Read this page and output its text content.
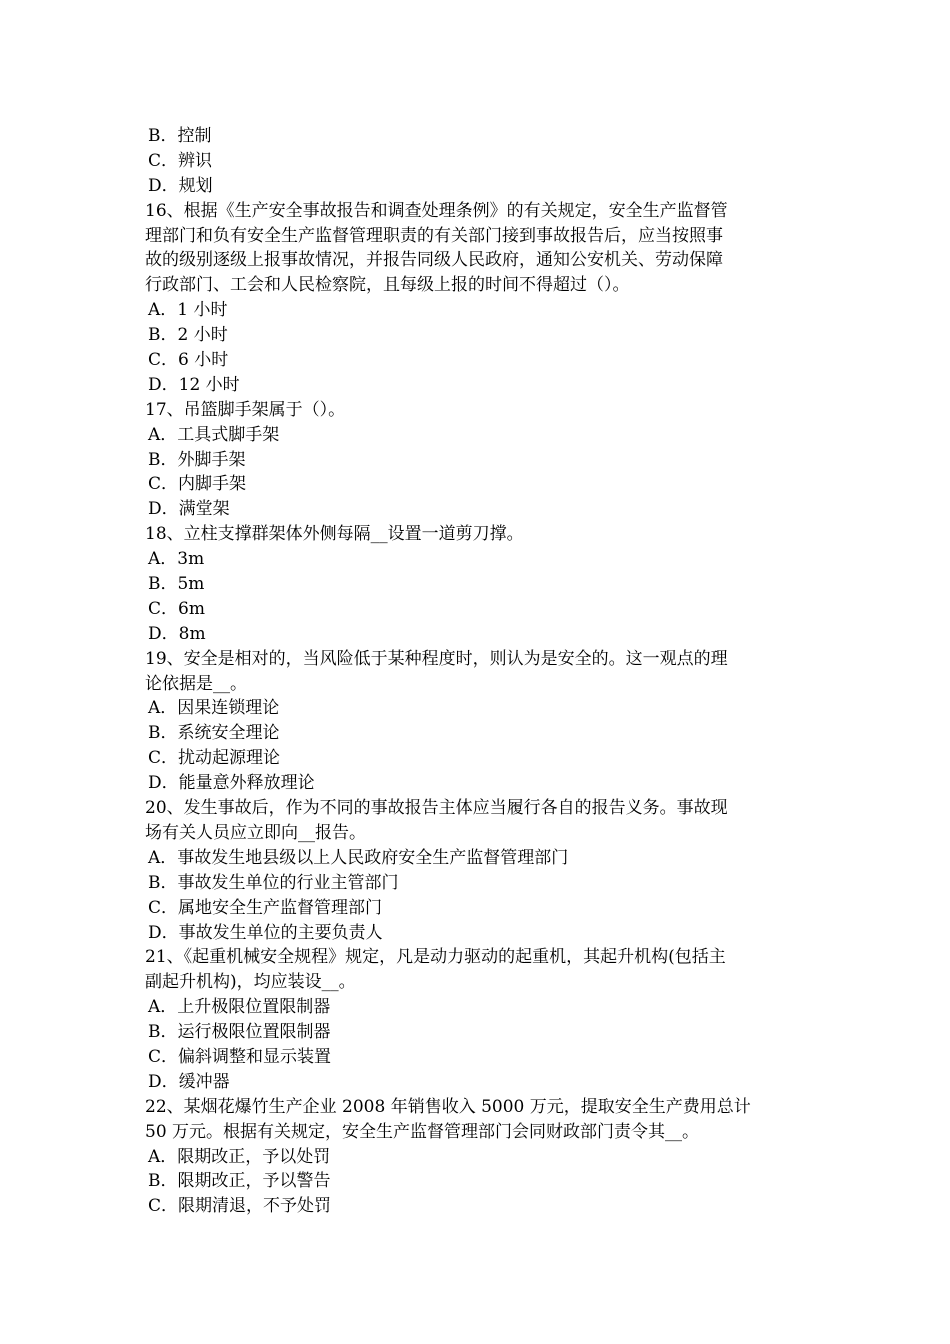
B．控制
C．辨识
D．规划
16、根据《生产安全事故报告和调查处理条例》的有关规定，安全生产监督管
理部门和负有安全生产监督管理职责的有关部门接到事故报告后，应当按照事
故的级别逐级上报事故情况，并报告同级人民政府，通知公安机关、劳动保障
行政部门、工会和人民检察院，且每级上报的时间不得超过（）。
A．1 小时
B．2 小时
C．6 小时
D．12 小时
17、吊篮脚手架属于（）。
A．工具式脚手架
B．外脚手架
C．内脚手架
D．满堂架
18、立柱支撑群架体外侧每隔__设置一道剪刀撑。
A．3m
B．5m
C．6m
D．8m
19、安全是相对的，当风险低于某种程度时，则认为是安全的。这一观点的理
论依据是__。
A．因果连锁理论
B．系统安全理论
C．扰动起源理论
D．能量意外释放理论
20、发生事故后，作为不同的事故报告主体应当履行各自的报告义务。事故现
场有关人员应立即向__报告。
A．事故发生地县级以上人民政府安全生产监督管理部门
B．事故发生单位的行业主管部门
C．属地安全生产监督管理部门
D．事故发生单位的主要负责人
21、《起重机械安全规程》规定，凡是动力驱动的起重机，其起升机构(包括主
副起升机构)，均应装设__。
A．上升极限位置限制器
B．运行极限位置限制器
C．偏斜调整和显示装置
D．缓冲器
22、某烟花爆竹生产企业 2008 年销售收入 5000 万元，提取安全生产费用总计
50 万元。根据有关规定，安全生产监督管理部门会同财政部门责令其__。
A．限期改正，予以处罚
B．限期改正，予以警告
C．限期清退，不予处罚
